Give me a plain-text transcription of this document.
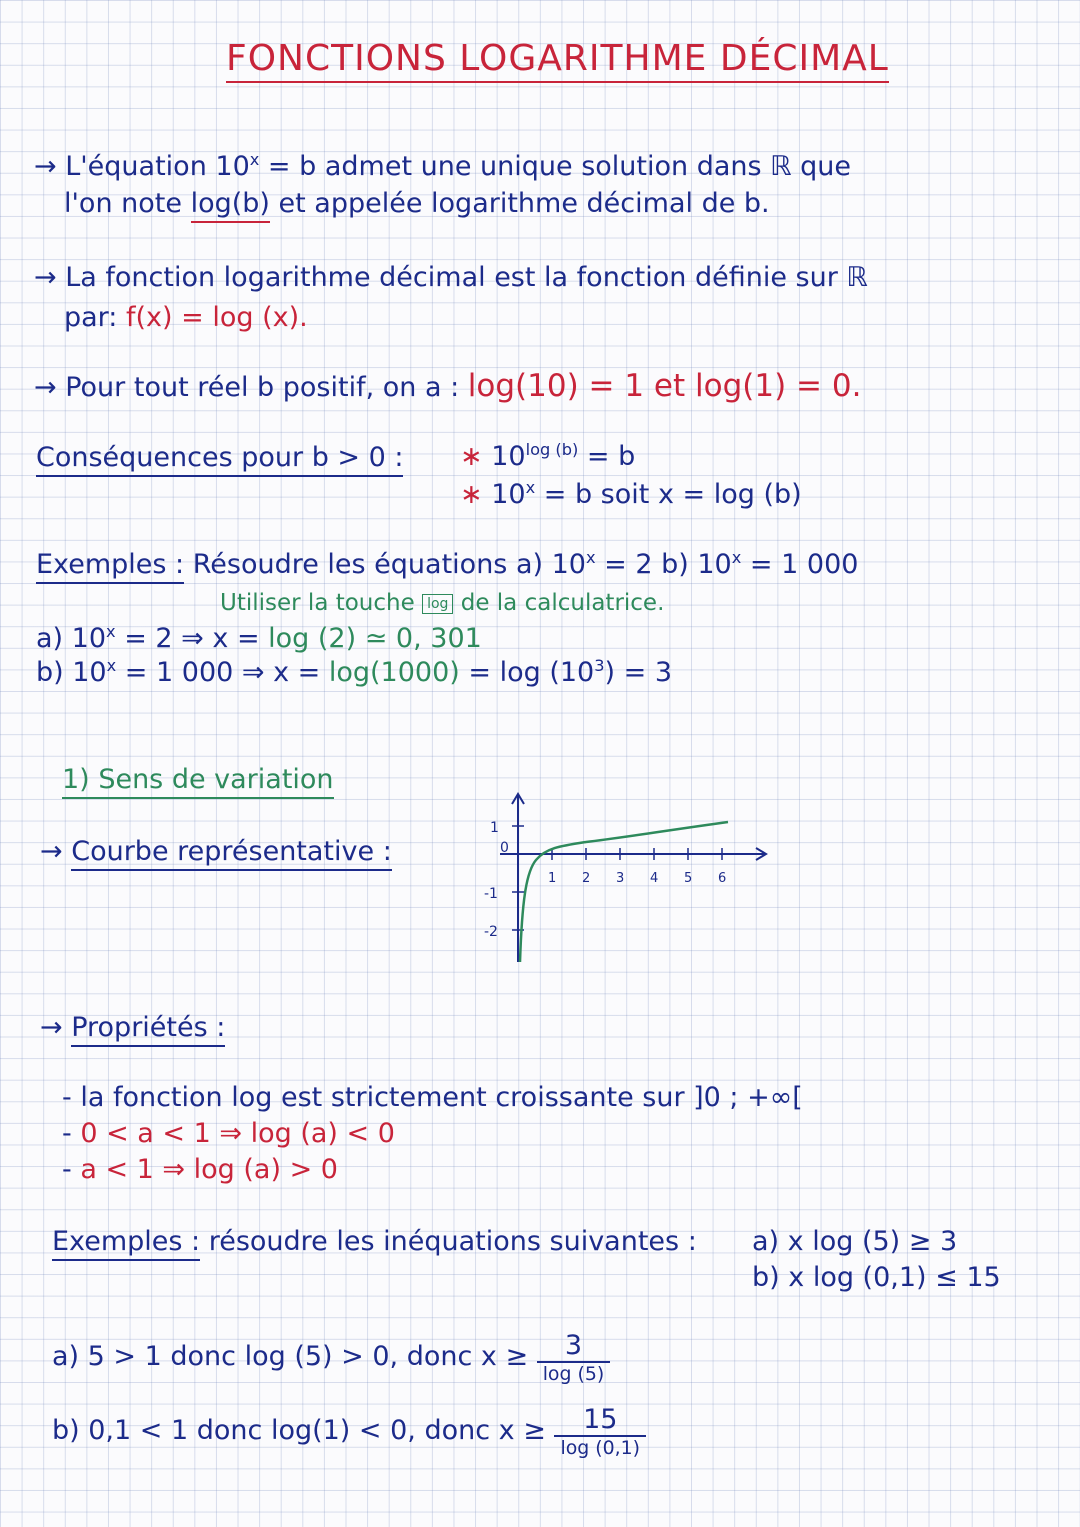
FONCTIONS LOGARITHME DÉCIMAL
→ L'équation $10^x = b$ admet une unique solution dans ℝ que
l'on note log(b) et appelée logarithme décimal de b.
→ La fonction logarithme décimal est la fonction définie sur ℝ
par: f(x) = log (x).
→ Pour tout réel b positif, on a : log(10) = 1 et log(1) = 0.
Conséquences pour b > 0 : ∗ $10^{log (b)} = b$
∗ $10^x = b$ soit x = log (b)
Exemples : Résoudre les équations a) $10^x = 2$ b) $10^x = 1$ 000
Utiliser la touche log de la calculatrice.
a) $10^x = 2$ ⇒ x = log (2) ≃ 0, 301
b) $10^x = 1$ 000 ⇒ $x = \log(1000) = \log (10^3) = 3$
1) Sens de variation
→ Courbe représentative :
1
0
-1
-2
1 2 3 4 5 6
→ Propriétés :
- la fonction log est strictement croissante sur ]0 ; +∞[
- 0 < a < 1 ⇒ log (a) < 0
- a < 1 ⇒ log (a) > 0
Exemples : résoudre les inéquations suivantes : a) x log (5) ≥ 3
b) x log (0,1) ≤ 15
a) 5 > 1 donc log (5) > 0, donc $x \ge \frac{3}{\log (5)}$
b) 0,1 < 1 donc log(1) < 0, donc $x \ge \frac{15}{\log (0,1)}$
